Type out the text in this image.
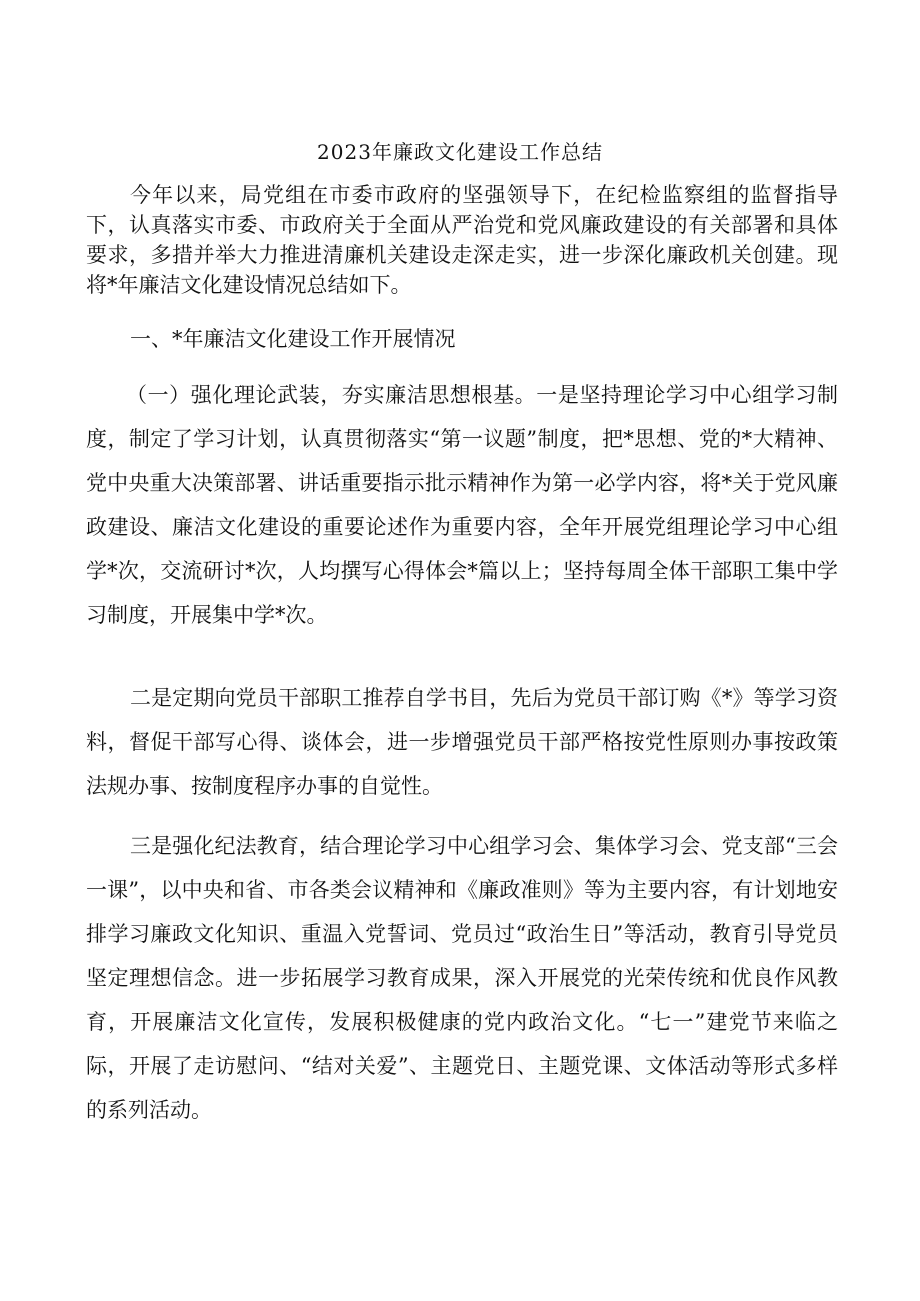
2023年廉政文化建设工作总结

今年以来，局党组在市委市政府的坚强领导下，在纪检监察组的监督指导下，认真落实市委、市政府关于全面从严治党和党风廉政建设的有关部署和具体要求，多措并举大力推进清廉机关建设走深走实，进一步深化廉政机关创建。现将*年廉洁文化建设情况总结如下。

一、*年廉洁文化建设工作开展情况

（一）强化理论武装，夯实廉洁思想根基。一是坚持理论学习中心组学习制度，制定了学习计划，认真贯彻落实“第一议题”制度，把*思想、党的*大精神、党中央重大决策部署、讲话重要指示批示精神作为第一必学内容，将*关于党风廉政建设、廉洁文化建设的重要论述作为重要内容，全年开展党组理论学习中心组学*次，交流研讨*次，人均撰写心得体会*篇以上；坚持每周全体干部职工集中学习制度，开展集中学*次。

二是定期向党员干部职工推荐自学书目，先后为党员干部订购《*》等学习资料，督促干部写心得、谈体会，进一步增强党员干部严格按党性原则办事按政策法规办事、按制度程序办事的自觉性。

三是强化纪法教育，结合理论学习中心组学习会、集体学习会、党支部“三会一课”，以中央和省、市各类会议精神和《廉政准则》等为主要内容，有计划地安排学习廉政文化知识、重温入党誓词、党员过“政治生日”等活动，教育引导党员坚定理想信念。进一步拓展学习教育成果，深入开展党的光荣传统和优良作风教育，开展廉洁文化宣传，发展积极健康的党内政治文化。“七一”建党节来临之际，开展了走访慰问、“结对关爱”、主题党日、主题党课、文体活动等形式多样的系列活动。
